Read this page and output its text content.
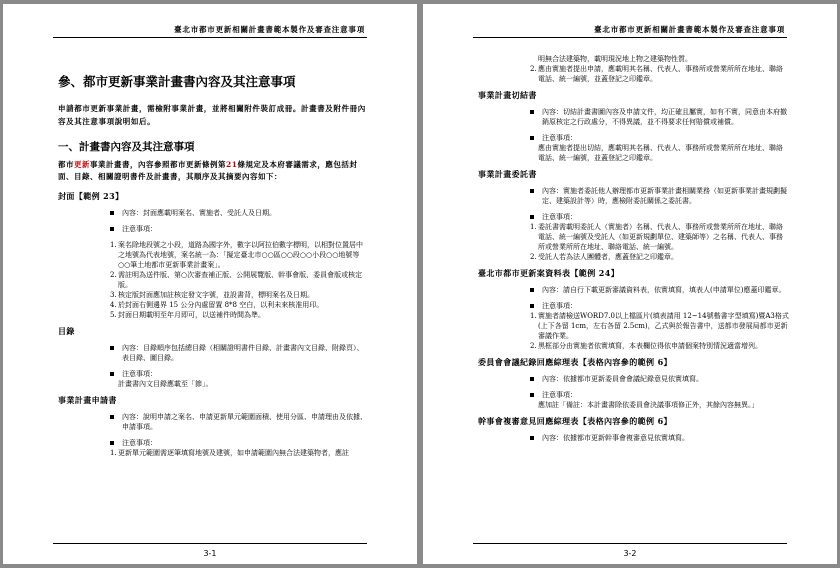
臺北市都市更新相關計畫書範本製作及審查注意事項
參、都市更新事業計畫書內容及其注意事項
申請都市更新事業計畫，需檢附事業計畫，並將相關附件裝訂成冊。計畫書及附件冊內容及其注意事項說明如后。
一、計畫書內容及其注意事項
都市更新事業計畫書，內容參照都市更新條例第21條規定及本府審議需求，應包括封面、目錄、相關證明書件及計畫書，其順序及其摘要內容如下：
封面【範例 23】
內容：封面應載明案名、實施者、受託人及日期。
注意事項：
1. 案名除地段號之小段，道路為國字外，數字以阿拉伯數字標明，以相對位置居中之地號為代表地號，案名統一為：「擬定臺北市○○區○○段○○小段○○地號等○○筆土地都市更新事業計畫案」。
2. 需註明為送件版、第○次審查補正版、公開展覽版、幹事會版、委員會版或核定版。
3. 核定版封面應加註核定發文字號，並設書背，標明案名及日期。
4. 於封面右側邊界 15 公分內處留置 8*8 空白，以利未來核准用印。
5. 封面日期載明至年月即可，以送補件時間為準。
目錄
內容：目錄順序包括總目錄（相關證明書件目錄、計畫書內文目錄、附錄頁）、表目錄、圖目錄。
注意事項：
計畫書內文目錄應載至「節」。
事業計畫申請書
內容：說明申請之案名、申請更新單元範圍面積、使用分區、申請理由及依據、申請事項。
注意事項：
1. 更新單元範圍需逐筆填寫地號及建號，如申請範圍內無合法建築物者，應註
3-1
臺北市都市更新相關計畫書範本製作及審查注意事項
明無合法建築物，載明現況地上物之建築物性質。
2. 應由實施者提出申請，應載明其名稱、代表人、事務所或營業所所在地址、聯絡電話、統一編號，並蓋登記之印鑑章。
事業計畫切結書
內容：切結計畫書圖內容及申請文件，均正確且屬實，如有不實，同意由本府撤銷原核定之行政處分，不得異議，並不得要求任何賠償或補償。
注意事項：
應由實施者提出切結，應載明其名稱、代表人、事務所或營業所所在地址、聯絡電話、統一編號，並蓋登記之印鑑章。
事業計畫委託書
內容：實施者委託他人辦理都市更新事業計畫相關業務（如更新事業計畫規劃擬定、建築設計等）時，應檢附委託關係之委託書。
注意事項：
1. 委託書需載明委託人（實施者）名稱、代表人、事務所或營業所所在地址、聯絡電話、統一編號及受託人（如更新規劃單位、建築師等）之名稱、代表人、事務所或營業所所在地址、聯絡電話、統一編號。
2. 受託人若為法人團體者，應蓋登記之印鑑章。
臺北市都市更新案資料表【範例 24】
內容：請自行下載更新審議資料表，依實填寫，填表人(申請單位)應蓋印鑑章。
注意事項：
1. 實施者請檢送WORD7.0以上檔區片(填表請用 12~14號楷書字型填寫)暨A3格式(上下各留 1cm，左右各留 2.5cm)，乙式與於報告書中，送都市發展局都市更新審議作業。
2. 黑框部分由實施者依實填寫，本表欄位得依申請個案特別情況適當增列。
委員會會議紀錄回應綜理表【表格內容參的範例 6】
內容：依據都市更新委員會會議紀錄意見依實填寫。
注意事項：
應加註「備註：本計畫書除依委員會決議事項修正外，其餘內容無異。」
幹事會複審意見回應綜理表【表格內容參的範例 6】
內容：依據都市更新幹事會複審意見依實填寫。
3-2
